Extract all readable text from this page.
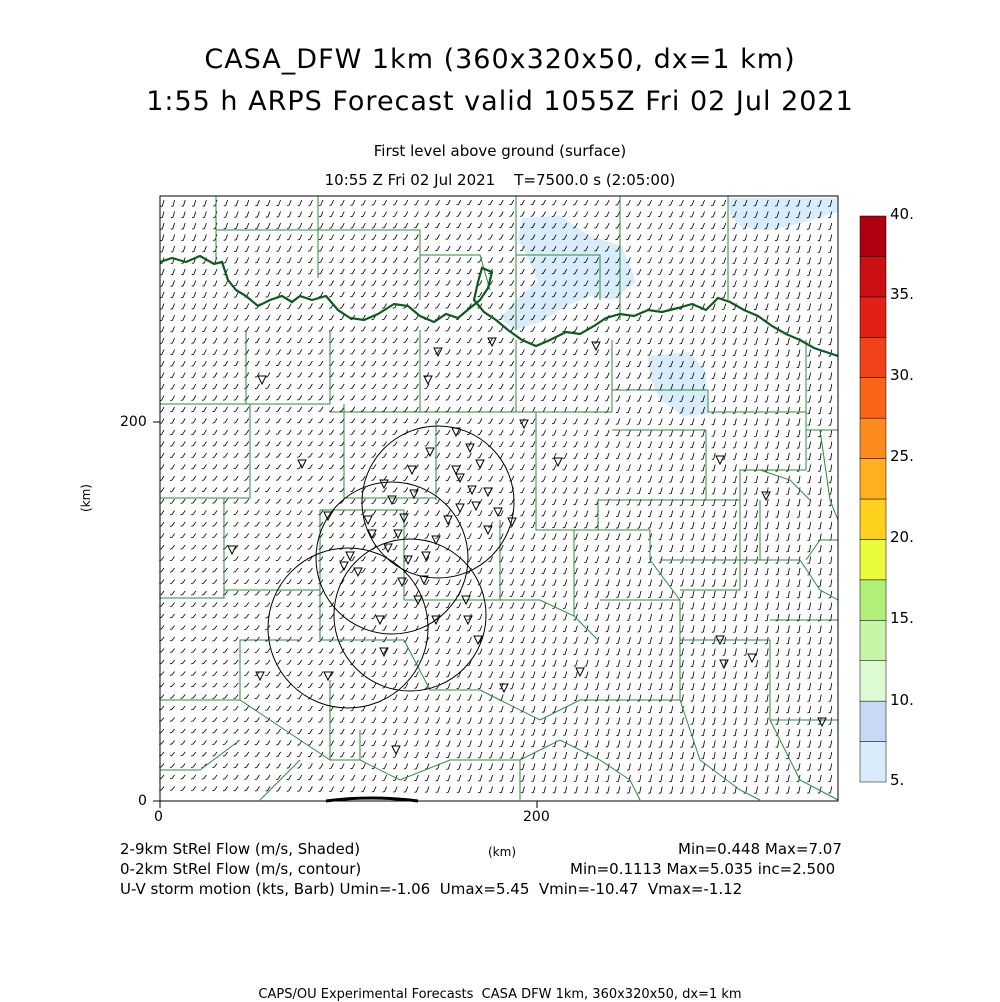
CASA_DFW 1km (360x320x50, dx=1 km)
1:55 h ARPS Forecast valid 1055Z Fri 02 Jul 2021
First level above ground (surface)
10:55 Z Fri 02 Jul 2021    T=7500.0 s (2:05:00)
0	200
0
200
(km)
(km)
5.
10.
15.
20.
25.
30.
35.
40.
2-9km StRel Flow (m/s, Shaded)	Min=0.448 Max=7.07
0-2km StRel Flow (m/s, contour)	Min=0.1113 Max=5.035 inc=2.500
U-V storm motion (kts, Barb) Umin=-1.06  Umax=5.45  Vmin=-10.47  Vmax=-1.12
CAPS/OU Experimental Forecasts  CASA DFW 1km, 360x320x50, dx=1 km
